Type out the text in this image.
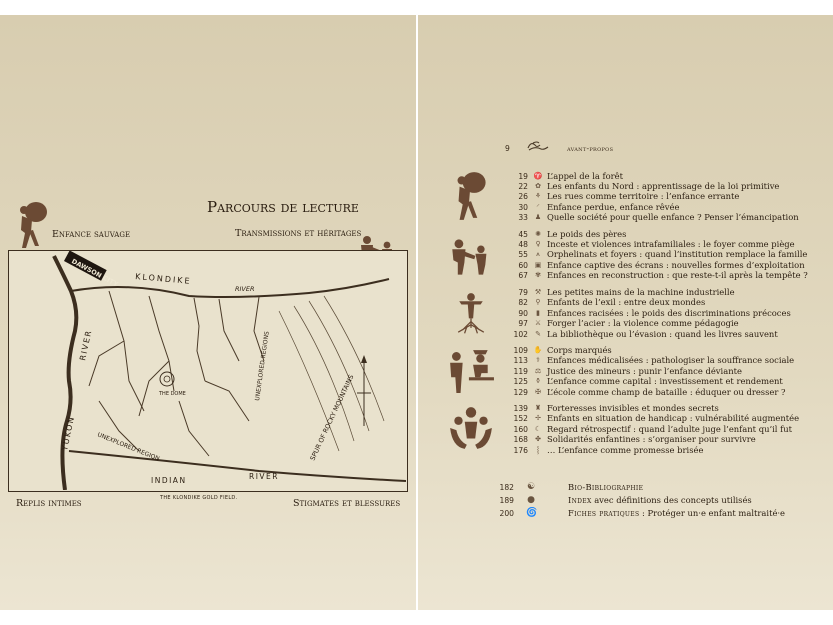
Parcours de lecture
Enfance sauvage	Transmissions et héritages
Replis intimes	Stigmates et blessures
DAWSON CITY KLONDIKE
RIVER
YUKON
RIVER
INDIAN	RIVER
UNEXPLORED REGION
UNEXPLORED REGIONS
SPUR OF ROCKY MOUNTAINS
THE DOME
THE KLONDIKE GOLD FIELD.
9	avant-propos
19 ♈ L’appel de la forêt
22 ✿ Les enfants du Nord : apprentissage de la loi primitive
26 ⚘ Les rues comme territoire : l’enfance errante
30	⸍ Enfance perdue, enfance rêvée
33 ♟ Quelle société pour quelle enfance ? Penser l’émancipation
45 ✺ Le poids des pères
48	♀ Inceste et violences intrafamiliales : le foyer comme piège
55	⩚ Orphelinats et foyers : quand l’institution remplace la famille
60 ▣ Enfance captive des écrans : nouvelles formes d’exploitation
67 ✾ Enfances en reconstruction : que reste-t-il après la tempête ?
79 ⚒ Les petites mains de la machine industrielle
82	⚲ Enfants de l’exil : entre deux mondes
90	▮ Enfances racisées : le poids des discriminations précoces
97 ⚔ Forger l’acier : la violence comme pédagogie
102 ✎ La bibliothèque ou l’évasion : quand les livres sauvent
109 ✋ Corps marqués
113	⚕ Enfances médicalisées : pathologiser la souffrance sociale
119 ⚖ Justice des mineurs : punir l’enfance déviante
125 ⚱ L’enfance comme capital : investissement et rendement
129 ✠ L’école comme champ de bataille : éduquer ou dresser ?
139 ♜ Forteresses invisibles et mondes secrets
152 ✢ Enfants en situation de handicap : vulnérabilité augmentée
160 ☾ Regard rétrospectif : quand l’adulte juge l’enfant qu’il fut
168 ✤ Solidarités enfantines : s’organiser pour survivre
176	⸾ … L’enfance comme promesse brisée
182 ☯	Bio-Bibliographie
189 ●	Index avec définitions des concepts utilisés
200 🌀	Fiches pratiques : Protéger un·e enfant maltraité·e
